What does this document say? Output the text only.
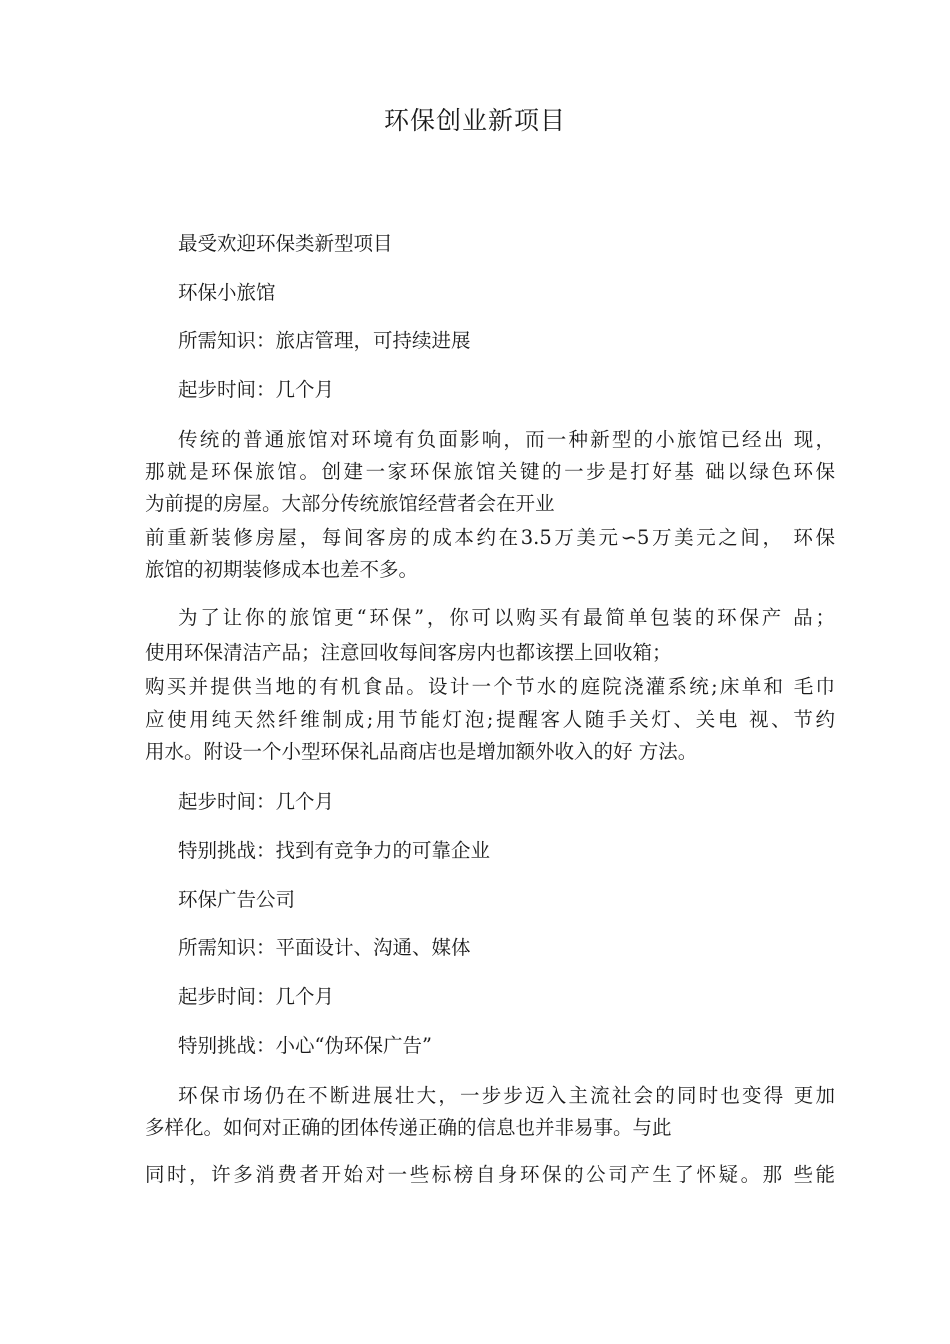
环保创业新项目
最受欢迎环保类新型项目
环保小旅馆
所需知识：旅店管理，可持续进展
起步时间：几个月
传统的普通旅馆对环境有负面影响，而一种新型的小旅馆已经出 现，
那就是环保旅馆。创建一家环保旅馆关键的一步是打好基 础以绿色环保
为前提的房屋。大部分传统旅馆经营者会在开业
前重新装修房屋，每间客房的成本约在3.5万美元∽5万美元之间， 环保
旅馆的初期装修成本也差不多。
为了让你的旅馆更“环保”，你可以购买有最简单包装的环保产 品；
使用环保清洁产品；注意回收每间客房内也都该摆上回收箱；
购买并提供当地的有机食品。设计一个节水的庭院浇灌系统;床单和 毛巾
应使用纯天然纤维制成;用节能灯泡;提醒客人随手关灯、关电 视、节约
用水。附设一个小型环保礼品商店也是增加额外收入的好 方法。
起步时间：几个月
特别挑战：找到有竞争力的可靠企业
环保广告公司
所需知识：平面设计、沟通、媒体
起步时间：几个月
特别挑战：小心“伪环保广告”
环保市场仍在不断进展壮大，一步步迈入主流社会的同时也变得 更加
多样化。如何对正确的团体传递正确的信息也并非易事。与此
同时，许多消费者开始对一些标榜自身环保的公司产生了怀疑。那 些能
